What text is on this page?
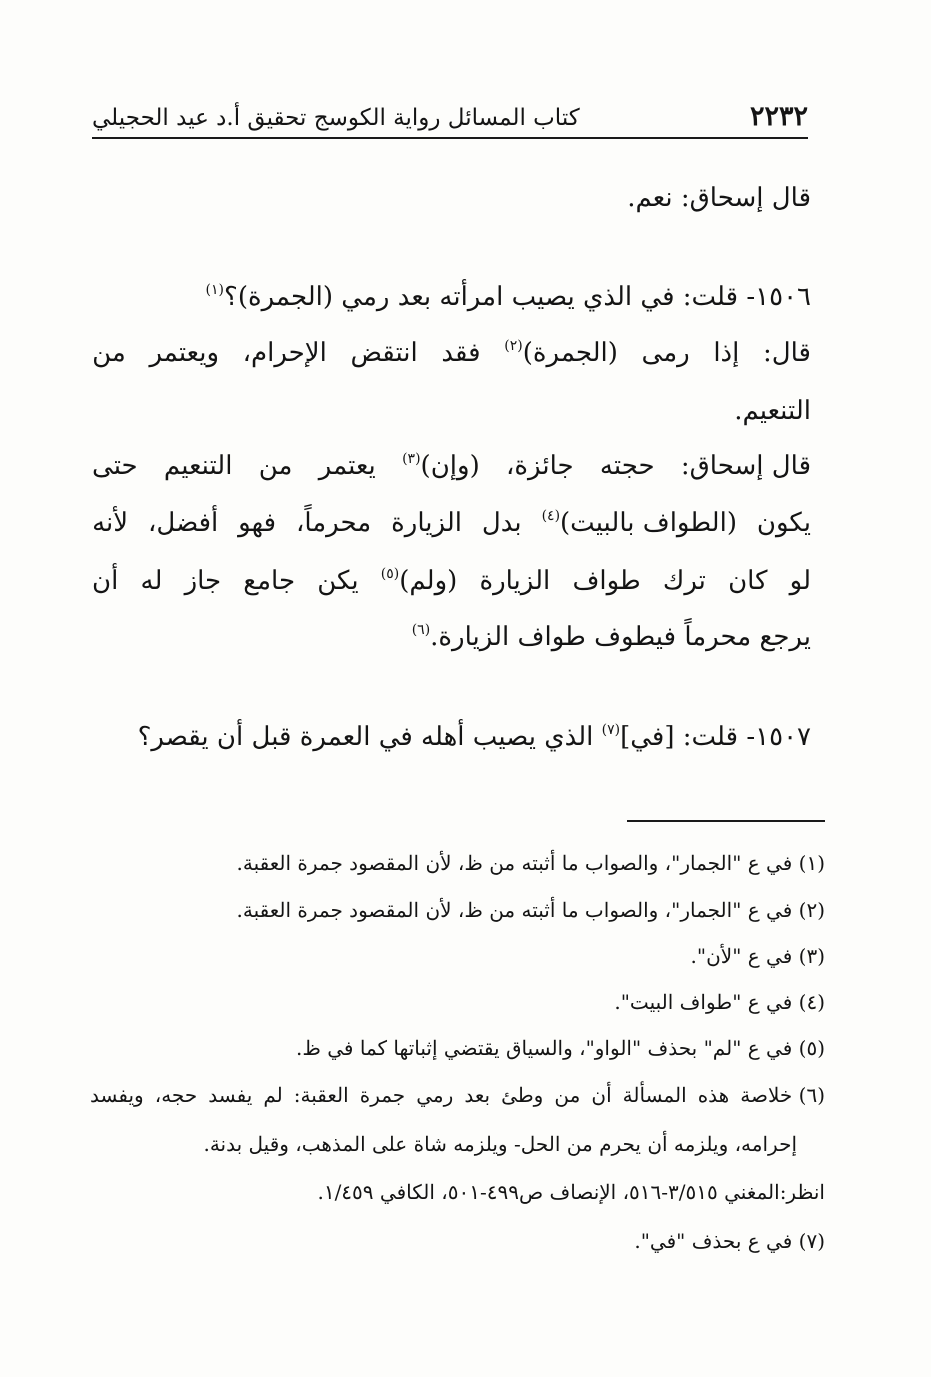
٢٢٣٢
كتاب المسائل رواية الكوسج تحقيق أ.د عيد الحجيلي
قال إسحاق: نعم.
١٥٠٦- قلت: في الذي يصيب امرأته بعد رمي (الجمرة)؟$^{(١)}$
قال:
إذا
رمى
(الجمرة)$^{(٢)}$
فقد
انتقض
الإحرام،
ويعتمر
من
التنعيم.
قال إسحاق:
حجته
جائزة،
(وإن)$^{(٣)}$
يعتمر
من
التنعيم
حتى
يكون
(الطواف بالبيت)$^{(٤)}$
بدل
الزيارة
محرماً،
فهو
أفضل،
لأنه
لو
كان
ترك
طواف
الزيارة
(ولم)$^{(٥)}$
يكن
جامع
جاز
له
أن
يرجع محرماً فيطوف طواف الزيارة.$^{(٦)}$
١٥٠٧- قلت: [في]$^{(٧)}$ الذي يصيب أهله في العمرة قبل أن يقصر؟
(١) في ع "الجمار"، والصواب ما أثبته من ظ، لأن المقصود جمرة العقبة.
(٢) في ع "الجمار"، والصواب ما أثبته من ظ، لأن المقصود جمرة العقبة.
(٣) في ع "لأن".
(٤) في ع "طواف البيت".
(٥) في ع "لم" بحذف "الواو"، والسياق يقتضي إثباتها كما في ظ.
(٦) خلاصة
هذه
المسألة
أن
من
وطئ
بعد
رمي
جمرة
العقبة:
لم
يفسد
حجه،
ويفسد
إحرامه، ويلزمه أن يحرم من الحل- ويلزمه شاة على المذهب، وقيل بدنة.
انظر:المغني ٣/٥١٥-٥١٦، الإنصاف ص٤٩٩-٥٠١، الكافي ١/٤٥٩.
(٧) في ع بحذف "في".
